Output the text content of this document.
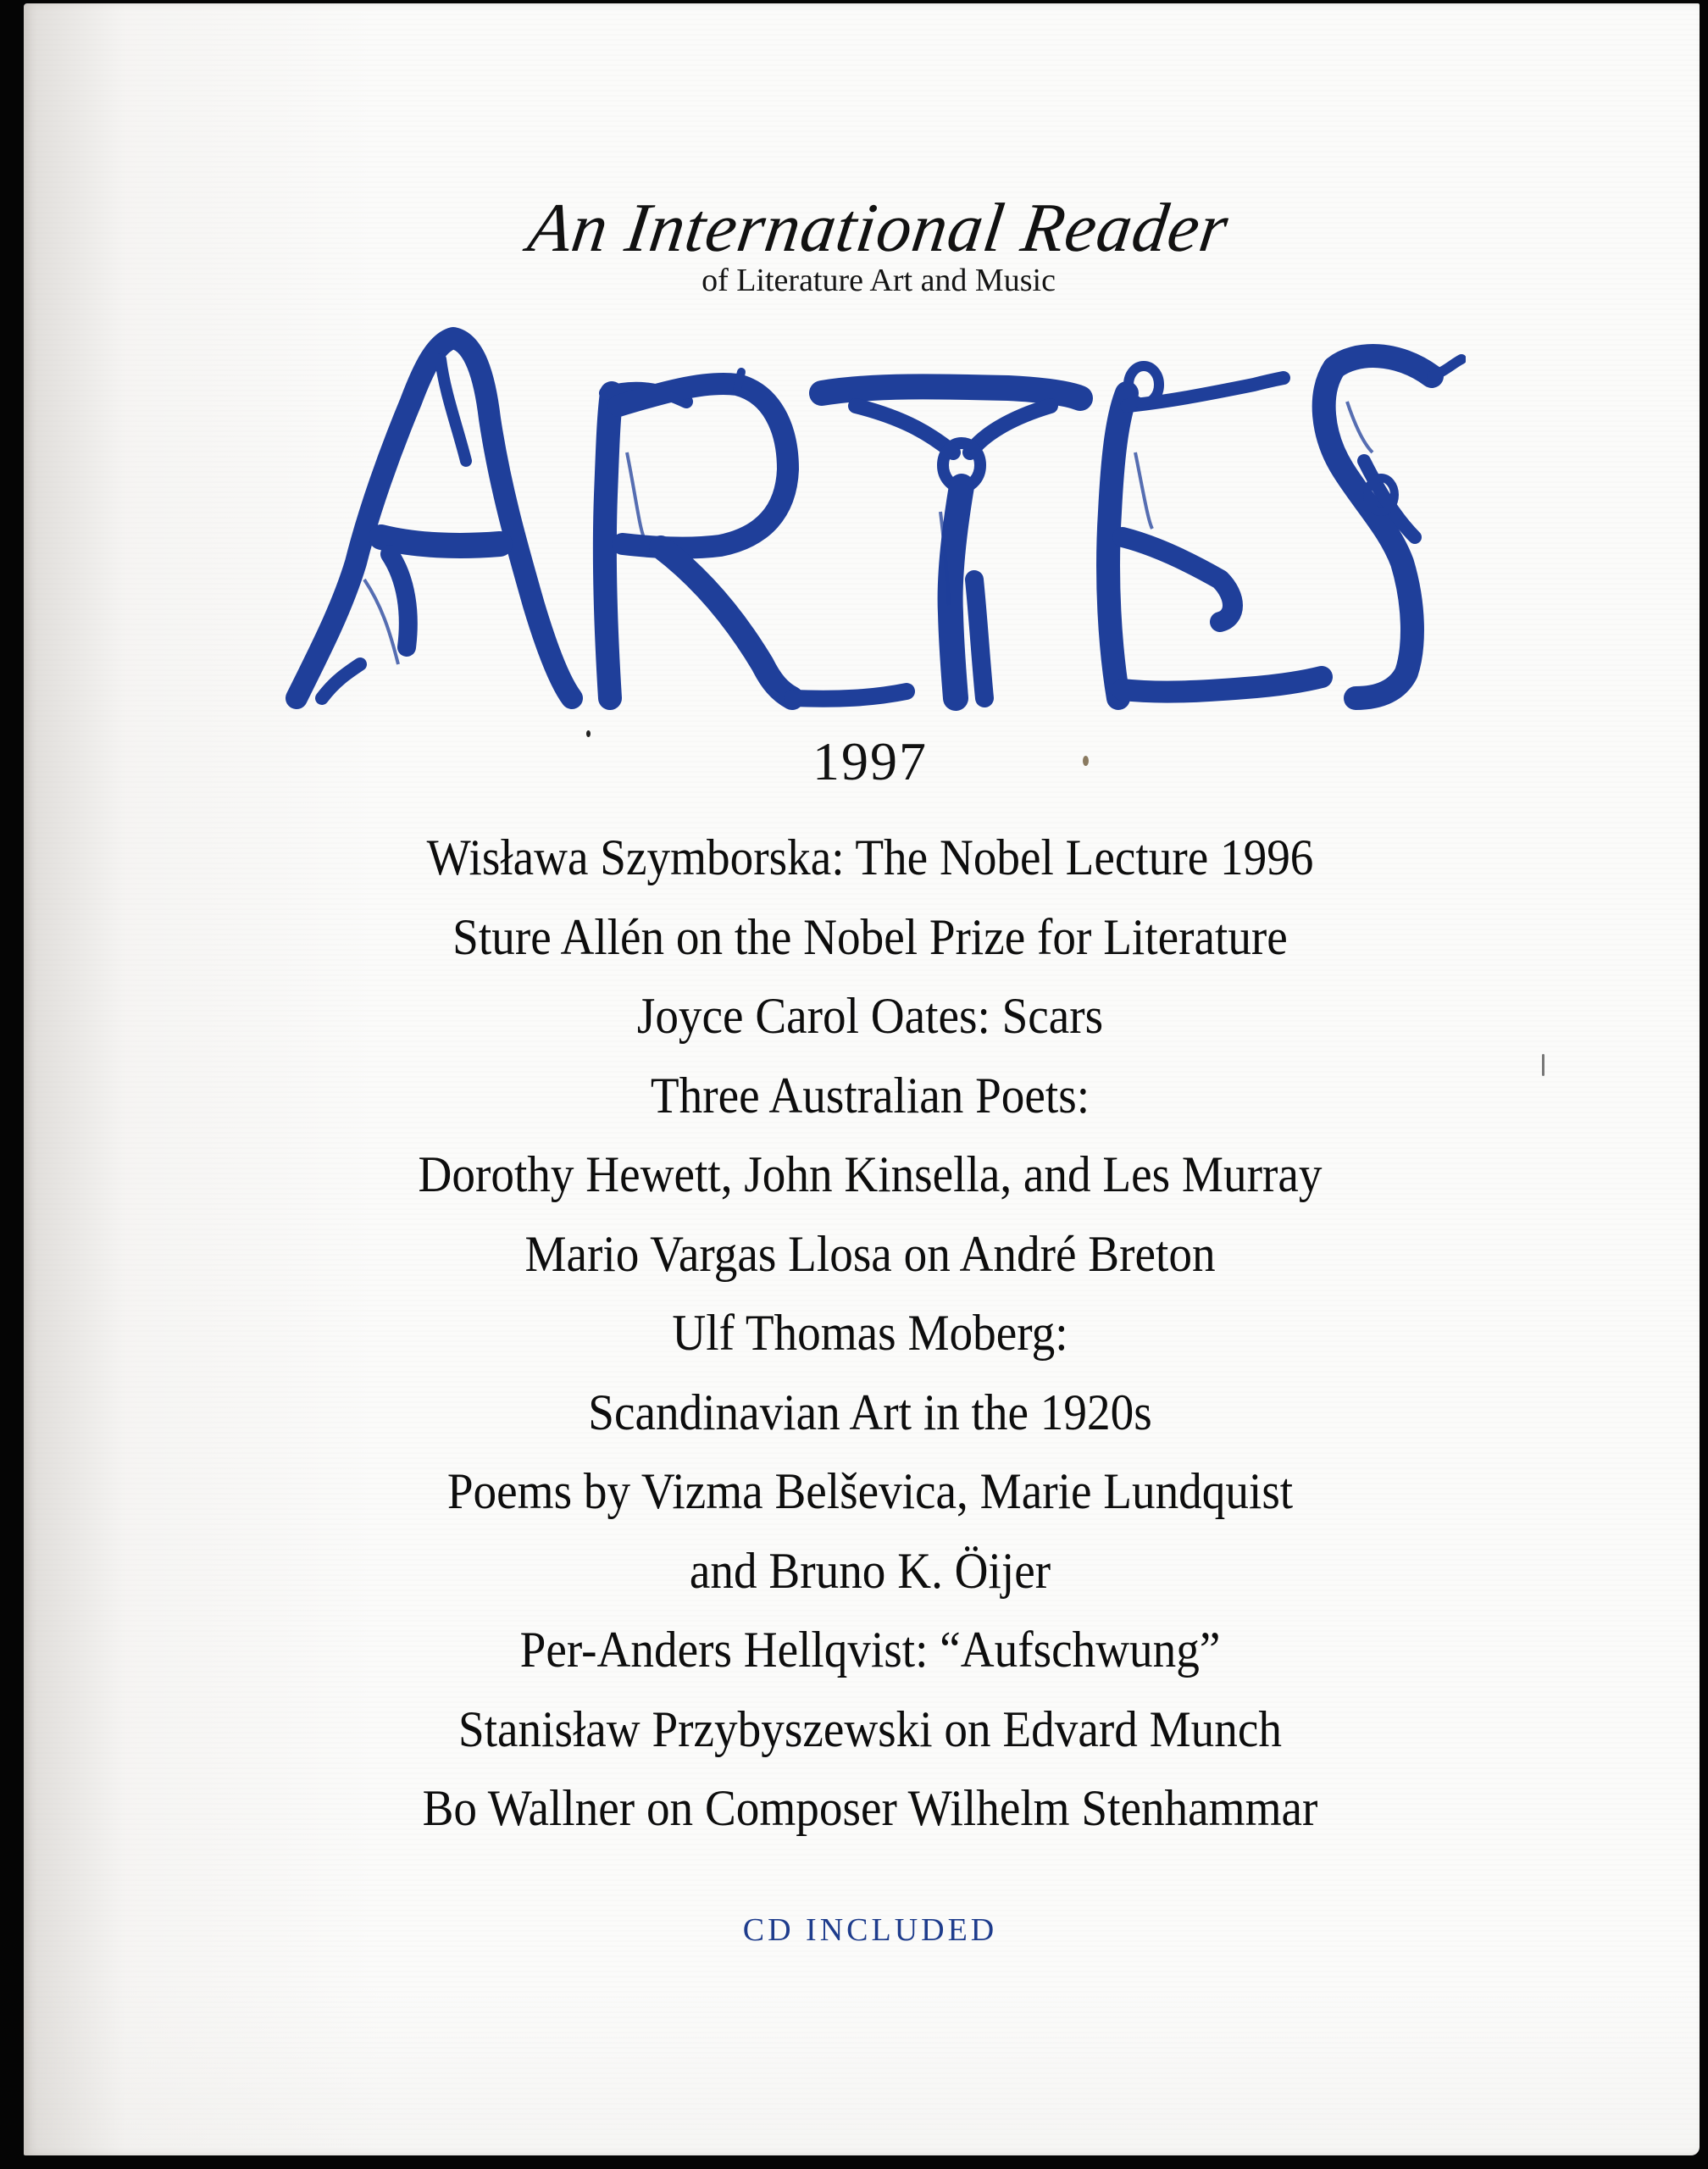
An International Reader
of Literature Art and Music
1997
Wisława Szymborska: The Nobel Lecture 1996
Sture Allén on the Nobel Prize for Literature
Joyce Carol Oates: Scars
Three Australian Poets:
Dorothy Hewett, John Kinsella, and Les Murray
Mario Vargas Llosa on André Breton
Ulf Thomas Moberg:
Scandinavian Art in the 1920s
Poems by Vizma Belševica, Marie Lundquist
and Bruno K. Öijer
Per-Anders Hellqvist: “Aufschwung”
Stanisław Przybyszewski on Edvard Munch
Bo Wallner on Composer Wilhelm Stenhammar
CD INCLUDED
